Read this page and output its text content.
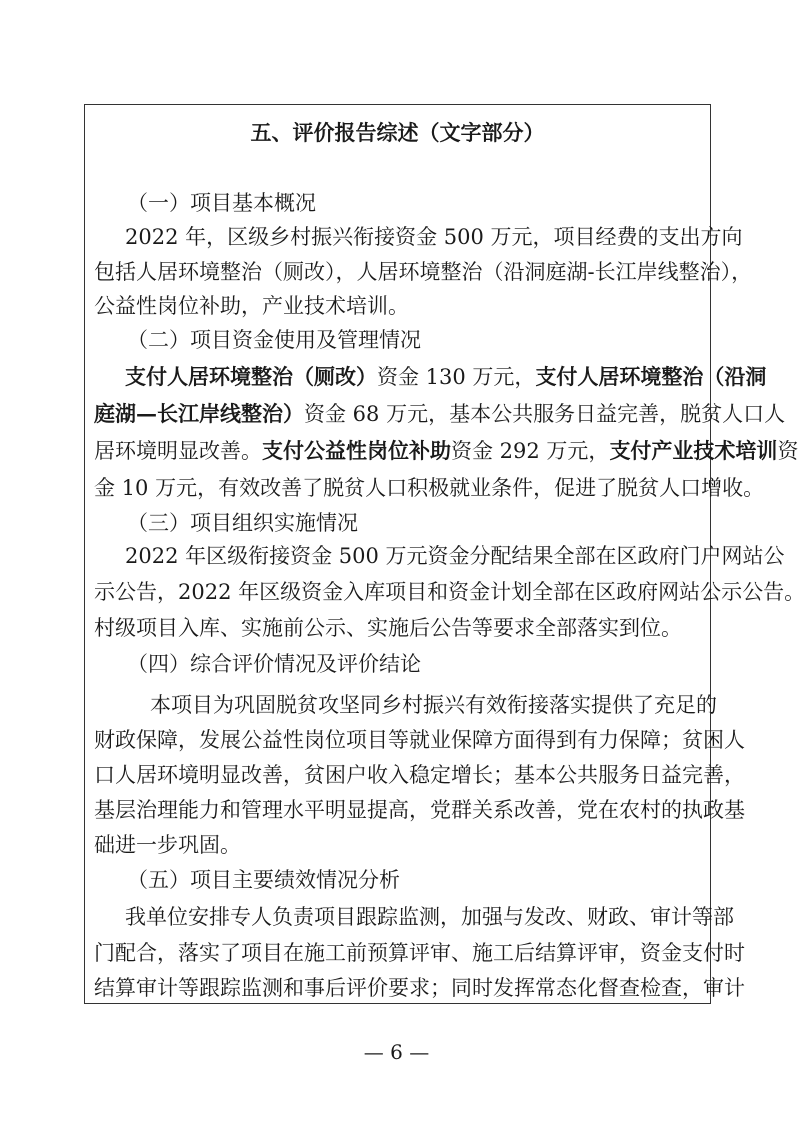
五、评价报告综述（文字部分）
（一）项目基本概况
2022 年，区级乡村振兴衔接资金 500 万元，项目经费的支出方向
包括人居环境整治（厕改），人居环境整治（沿洞庭湖-长江岸线整治），
公益性岗位补助，产业技术培训。
（二）项目资金使用及管理情况
支付人居环境整治（厕改）资金 130 万元，支付人居环境整治（沿洞
庭湖—长江岸线整治）资金 68 万元，基本公共服务日益完善，脱贫人口人
居环境明显改善。支付公益性岗位补助资金 292 万元，支付产业技术培训资
金 10 万元，有效改善了脱贫人口积极就业条件，促进了脱贫人口增收。
（三）项目组织实施情况
2022 年区级衔接资金 500 万元资金分配结果全部在区政府门户网站公
示公告，2022 年区级资金入库项目和资金计划全部在区政府网站公示公告。
村级项目入库、实施前公示、实施后公告等要求全部落实到位。
（四）综合评价情况及评价结论
本项目为巩固脱贫攻坚同乡村振兴有效衔接落实提供了充足的
财政保障，发展公益性岗位项目等就业保障方面得到有力保障；贫困人
口人居环境明显改善，贫困户收入稳定增长；基本公共服务日益完善，
基层治理能力和管理水平明显提高，党群关系改善，党在农村的执政基
础进一步巩固。
（五）项目主要绩效情况分析
我单位安排专人负责项目跟踪监测，加强与发改、财政、审计等部
门配合，落实了项目在施工前预算评审、施工后结算评审，资金支付时
结算审计等跟踪监测和事后评价要求；同时发挥常态化督查检查，审计
— 6 —
